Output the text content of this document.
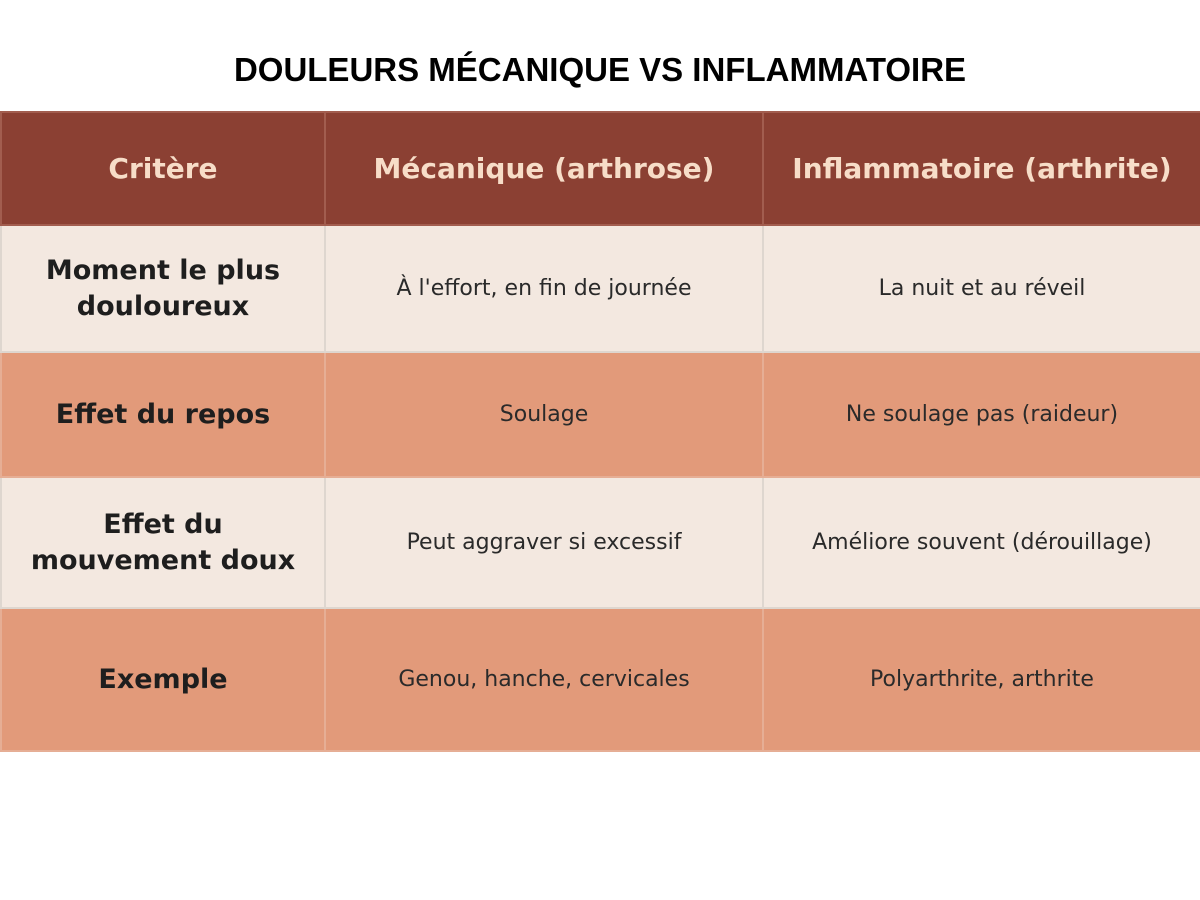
DOULEURS MÉCANIQUE VS INFLAMMATOIRE
Critère	Mécanique (arthrose)	Inflammatoire (arthrite)
Moment le plus douloureux	À l'effort, en fin de journée	La nuit et au réveil
Effet du repos	Soulage	Ne soulage pas (raideur)
Effet du mouvement doux	Peut aggraver si excessif	Améliore souvent (dérouillage)
Exemple	Genou, hanche, cervicales	Polyarthrite, arthrite
